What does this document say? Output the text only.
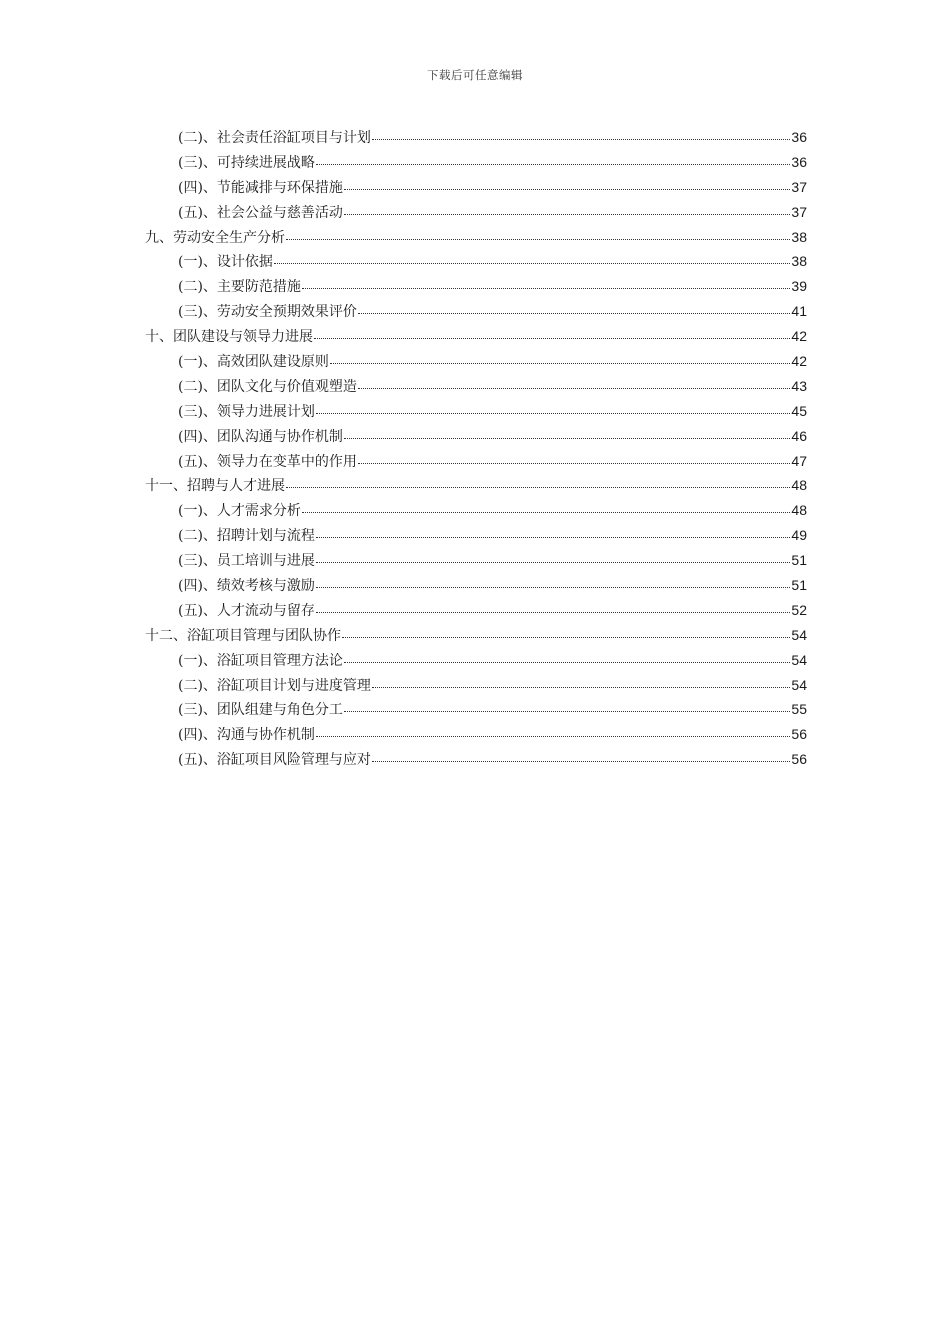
下载后可任意编辑
(二)、社会责任浴缸项目与计划	36
(三)、可持续进展战略	36
(四)、节能减排与环保措施	37
(五)、社会公益与慈善活动	37
九、劳动安全生产分析	38
(一)、设计依据	38
(二)、主要防范措施	39
(三)、劳动安全预期效果评价	41
十、团队建设与领导力进展	42
(一)、高效团队建设原则	42
(二)、团队文化与价值观塑造	43
(三)、领导力进展计划	45
(四)、团队沟通与协作机制	46
(五)、领导力在变革中的作用	47
十一、招聘与人才进展	48
(一)、人才需求分析	48
(二)、招聘计划与流程	49
(三)、员工培训与进展	51
(四)、绩效考核与激励	51
(五)、人才流动与留存	52
十二、浴缸项目管理与团队协作	54
(一)、浴缸项目管理方法论	54
(二)、浴缸项目计划与进度管理	54
(三)、团队组建与角色分工	55
(四)、沟通与协作机制	56
(五)、浴缸项目风险管理与应对	56
